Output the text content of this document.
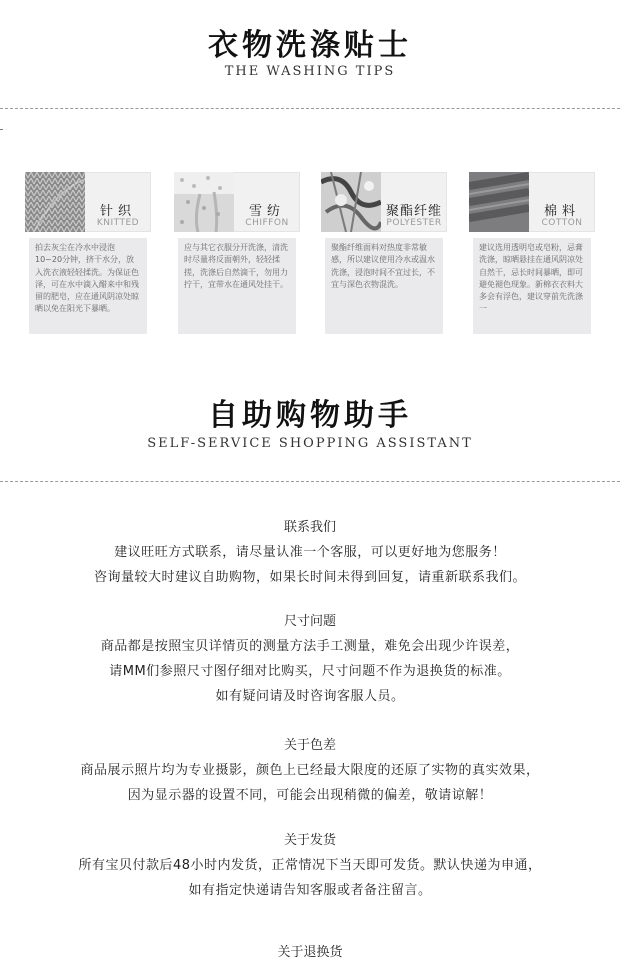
衣物洗涤贴士
THE WASHING TIPS
针织
KNITTED
拍去灰尘在冷水中浸泡10~20分钟，挤干水分，放入洗衣液轻轻揉洗。为保证色泽，可在水中滴入醋来中和残留的肥皂，应在通风阴凉处晾晒以免在阳光下暴晒。
雪纺
CHIFFON
应与其它衣服分开洗涤，清洗时尽量将反面朝外，轻轻揉搓，洗涤后自然滴干，勿用力拧干，宜带水在通风处挂干。
聚酯纤维
POLYESTER
聚酯纤维面料对热度非常敏感，所以建议使用冷水或温水洗涤，浸泡时间不宜过长，不宜与深色衣物混洗。
棉料
COTTON
建议选用透明皂或皂粉，忌膏洗涤，晾晒悬挂在通风阴凉处自然干，忌长时间暴晒，即可避免褪色现象。新棉衣衣料大多会有浮色，建议穿前先洗涤一
自助购物助手
SELF-SERVICE SHOPPING ASSISTANT
联系我们
建议旺旺方式联系，请尽量认准一个客服，可以更好地为您服务！
咨询量较大时建议自助购物，如果长时间未得到回复，请重新联系我们。
尺寸问题
商品都是按照宝贝详情页的测量方法手工测量，难免会出现少许误差，
请MM们参照尺寸图仔细对比购买，尺寸问题不作为退换货的标准。
如有疑问请及时咨询客服人员。
关于色差
商品展示照片均为专业摄影，颜色上已经最大限度的还原了实物的真实效果，
因为显示器的设置不同，可能会出现稍微的偏差，敬请谅解！
关于发货
所有宝贝付款后48小时内发货，正常情况下当天即可发货。默认快递为申通，
如有指定快递请告知客服或者备注留言。
关于退换货
